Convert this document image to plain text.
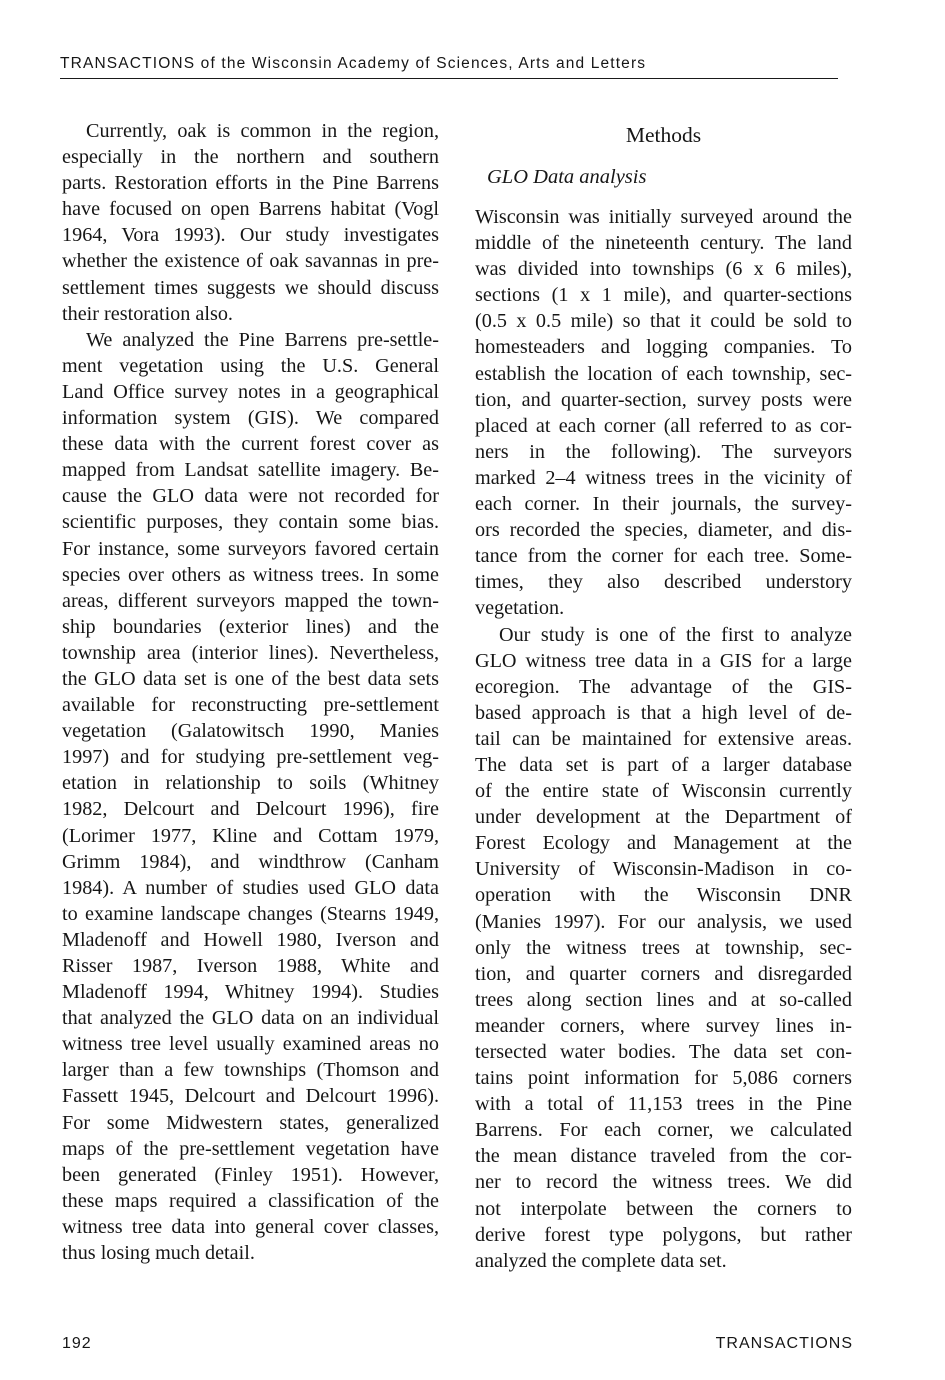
TRANSACTIONS of the Wisconsin Academy of Sciences, Arts and Letters

Currently, oak is common in the region,
especially in the northern and southern
parts. Restoration efforts in the Pine Barrens
have focused on open Barrens habitat (Vogl
1964, Vora 1993). Our study investigates
whether the existence of oak savannas in pre-
settlement times suggests we should discuss
their restoration also.

We analyzed the Pine Barrens pre-settle-
ment vegetation using the U.S. General
Land Office survey notes in a geographical
information system (GIS). We compared
these data with the current forest cover as
mapped from Landsat satellite imagery. Be-
cause the GLO data were not recorded for
scientific purposes, they contain some bias.
For instance, some surveyors favored certain
species over others as witness trees. In some
areas, different surveyors mapped the town-
ship boundaries (exterior lines) and the
township area (interior lines). Nevertheless,
the GLO data set is one of the best data sets
available for reconstructing pre-settlement
vegetation (Galatowitsch 1990, Manies
1997) and for studying pre-settlement veg-
etation in relationship to soils (Whitney
1982, Delcourt and Delcourt 1996), fire
(Lorimer 1977, Kline and Cottam 1979,
Grimm 1984), and windthrow (Canham
1984). A number of studies used GLO data
to examine landscape changes (Stearns 1949,
Mladenoff and Howell 1980, Iverson and
Risser 1987, Iverson 1988, White and
Mladenoff 1994, Whitney 1994). Studies
that analyzed the GLO data on an individual
witness tree level usually examined areas no
larger than a few townships (Thomson and
Fassett 1945, Delcourt and Delcourt 1996).
For some Midwestern states, generalized
maps of the pre-settlement vegetation have
been generated (Finley 1951). However,
these maps required a classification of the
witness tree data into general cover classes,
thus losing much detail.

Methods
GLO Data analysis

Wisconsin was initially surveyed around the
middle of the nineteenth century. The land
was divided into townships (6 x 6 miles),
sections (1 x 1 mile), and quarter-sections
(0.5 x 0.5 mile) so that it could be sold to
homesteaders and logging companies. To
establish the location of each township, sec-
tion, and quarter-section, survey posts were
placed at each corner (all referred to as cor-
ners in the following). The surveyors
marked 2–4 witness trees in the vicinity of
each corner. In their journals, the survey-
ors recorded the species, diameter, and dis-
tance from the corner for each tree. Some-
times, they also described understory
vegetation.

Our study is one of the first to analyze
GLO witness tree data in a GIS for a large
ecoregion. The advantage of the GIS-
based approach is that a high level of de-
tail can be maintained for extensive areas.
The data set is part of a larger database
of the entire state of Wisconsin currently
under development at the Department of
Forest Ecology and Management at the
University of Wisconsin-Madison in co-
operation with the Wisconsin DNR
(Manies 1997). For our analysis, we used
only the witness trees at township, sec-
tion, and quarter corners and disregarded
trees along section lines and at so-called
meander corners, where survey lines in-
tersected water bodies. The data set con-
tains point information for 5,086 corners
with a total of 11,153 trees in the Pine
Barrens. For each corner, we calculated
the mean distance traveled from the cor-
ner to record the witness trees. We did
not interpolate between the corners to
derive forest type polygons, but rather
analyzed the complete data set.

192	TRANSACTIONS
